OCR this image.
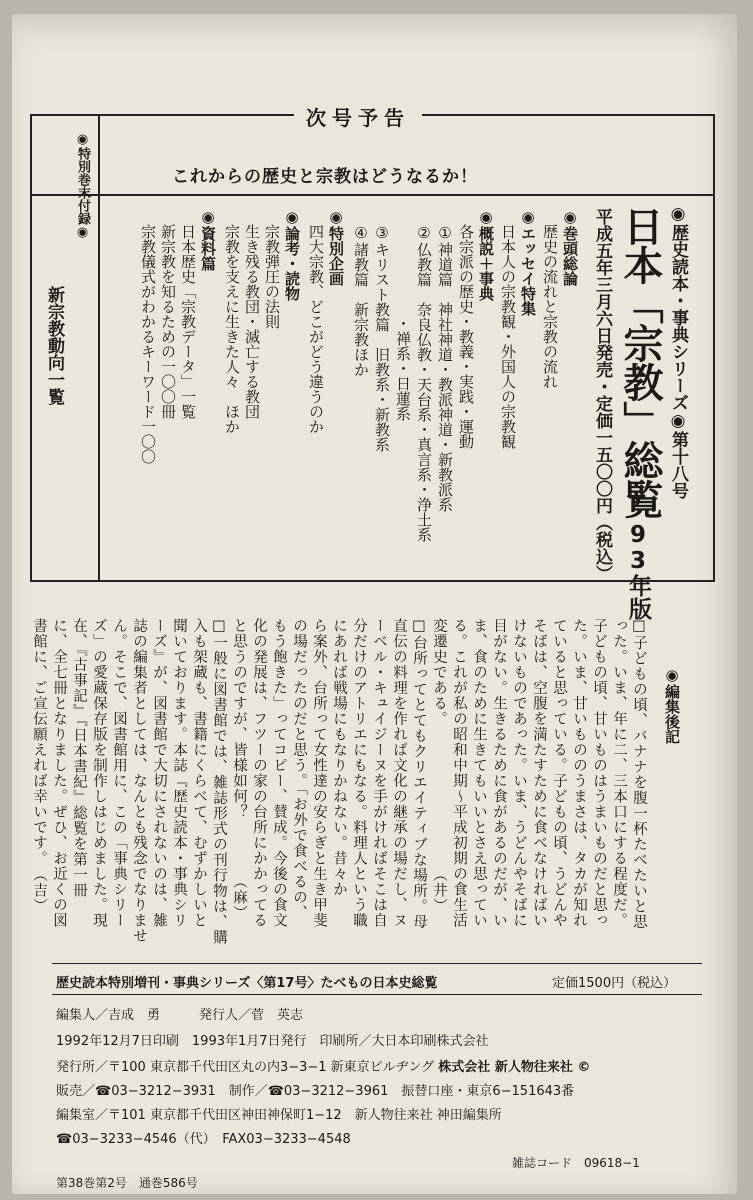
次号予告
これからの歴史と宗教はどうなるか！
◉歴史読本・事典シリーズ◉第十八号
日本「宗教」総覧
平成五年三月六日発売・定価一五〇〇円（税込） ’93年版
◉巻頭総論
歴史の流れと宗教の流れ
◉エッセイ特集
日本人の宗教観・外国人の宗教観
◉概説＋事典
各宗派の歴史・教義・実践・運動
①神道篇　神社神道・教派神道・新教派系
②仏教篇　奈良仏教・天台系・真言系・浄土系
・禅系・日蓮系
③キリスト教篇　旧教系・新教系
④諸教篇　新宗教ほか
◉特別企画
四大宗教、どこがどう違うのか
◉論考・読物
宗教弾圧の法則
生き残る教団・滅亡する教団
宗教を支えに生きた人々　ほか
◉資料篇
日本歴史「宗教データ」一覧
新宗教を知るための一〇〇冊
宗教儀式がわかるキーワード一〇〇
◉特別巻末付録◉
新宗教動向一覧
◉編集後記
□子どもの頃、バナナを腹一杯たべたいと思
った。いま、年に二、三本口にする程度だ。
子どもの頃、甘いものはうまいものだと思っ
た。いま、甘いもののうまさは、タカが知れ
ていると思っている。子どもの頃、うどんや
そばは、空腹を満たすために食べなければい
けないものであった。いま、うどんやそばに
目がない。生きるために食があるのだが、い
ま、食のために生きてもいいとさえ思ってい
る。これが私の昭和中期〜平成初期の食生活
変遷史である。　　　　　　　　　　（井）
□台所ってとてもクリエイティブな場所。母
直伝の料理を作れば文化の継承の場だし、ヌ
ーベル・キュイジーヌを手がければそこは自
分だけのアトリエにもなる。料理人という職
にあれば戦場にもなりかねない。昔々か
ら案外、台所って女性達の安らぎと生き甲斐
の場だったのだと思う。「お外で食べるの、
もう飽きた」ってコピー、賛成。今後の食文
化の発展は、フツーの家の台所にかかってる
と思うのですが、皆様如何？　　　　（麻）
□一般に図書館では、雑誌形式の刊行物は、購
入も架蔵も、書籍にくらべて、むずかしいと
聞いております。本誌『歴史読本・事典シリ
ーズ』が、図書館で大切にされないのは、雑
誌の編集者としては、なんとも残念でなりませ
ん。そこで、図書館用に、この「事典シリー
ズ」の愛蔵保存版を制作しはじめました。現
在、『古事記』『日本書紀』総覧を第一冊
に、全七冊となりました。ぜひ、お近くの図
書館に、ご宣伝願えれば幸いです。　（吉）
歴史読本特別増刊・事典シリーズ〈第17号〉たべもの日本史総覧	定価1500円（税込）
編集人／吉成　勇　　　発行人／菅　英志
1992年12月7日印刷　1993年1月7日発行　印刷所／大日本印刷株式会社
発行所／〒100 東京都千代田区丸の内3−3−1 新東京ビルヂング 株式会社 新人物往来社 ©
販売／☎03−3212−3931　制作／☎03−3212−3961　振替口座・東京6−151643番
編集室／〒101 東京都千代田区神田神保町1−12　新人物往来社 神田編集所
☎03−3233−4546（代）　FAX03−3233−4548
雑誌コード　09618−1
第38巻第2号　通巻586号
